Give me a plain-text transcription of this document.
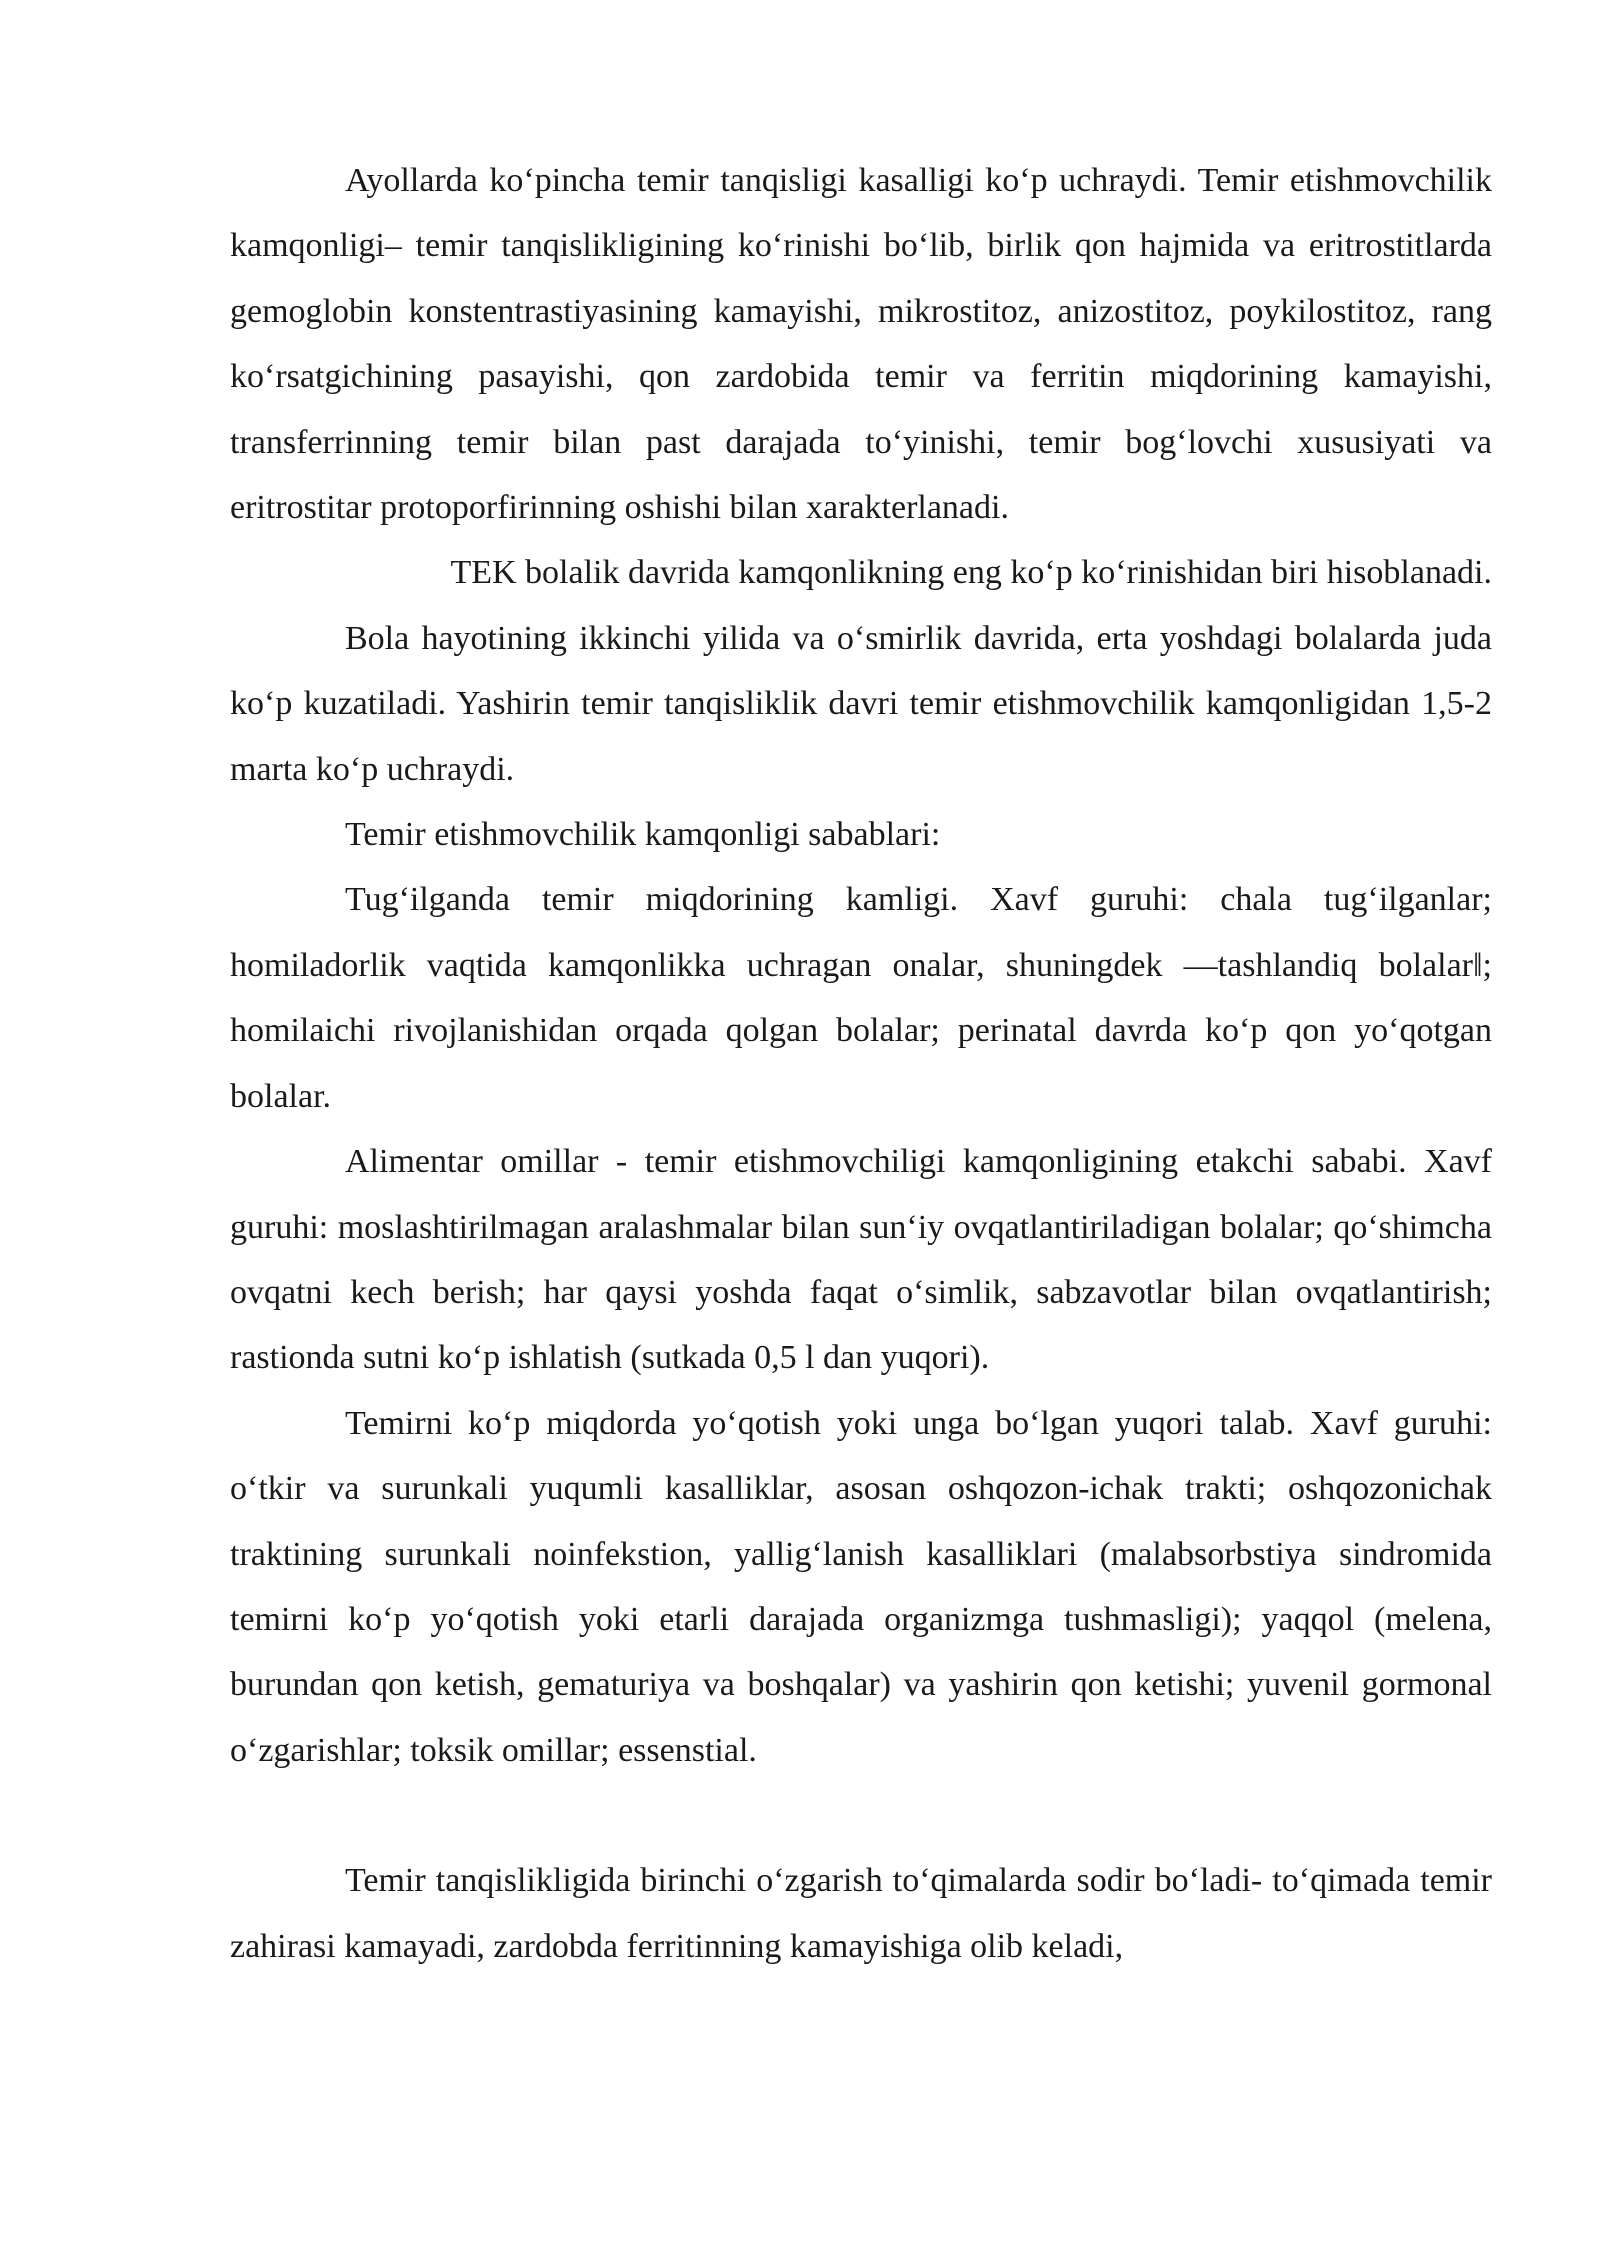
Ayollarda ko‘pincha temir tanqisligi kasalligi ko‘p uchraydi. Temir etishmovchilik kamqonligi– temir tanqislikligining ko‘rinishi bo‘lib, birlik qon hajmida va eritrostitlarda gemoglobin konstentrastiyasining kamayishi, mikrostitoz, anizostitoz, poykilostitoz, rang ko‘rsatgichining pasayishi, qon zardobida temir va ferritin miqdorining kamayishi, transferrinning temir bilan past darajada to‘yinishi, temir bog‘lovchi xususiyati va eritrostitar protoporfirinning oshishi bilan xarakterlanadi.

TEK bolalik davrida kamqonlikning eng ko‘p ko‘rinishidan biri hisoblanadi.

Bola hayotining ikkinchi yilida va o‘smirlik davrida, erta yoshdagi bolalarda juda ko‘p kuzatiladi. Yashirin temir tanqisliklik davri temir etishmovchilik kamqonligidan 1,5-2 marta ko‘p uchraydi.

Temir etishmovchilik kamqonligi sabablari:

Tug‘ilganda temir miqdorining kamligi. Xavf guruhi: chala tug‘ilganlar; homiladorlik vaqtida kamqonlikka uchragan onalar, shuningdek ―tashlandiq bolalar‖; homilaichi rivojlanishidan orqada qolgan bolalar; perinatal davrda ko‘p qon yo‘qotgan bolalar.

Alimentar omillar - temir etishmovchiligi kamqonligining etakchi sababi. Xavf guruhi: moslashtirilmagan aralashmalar bilan sun‘iy ovqatlantiriladigan bolalar; qo‘shimcha ovqatni kech berish; har qaysi yoshda faqat o‘simlik, sabzavotlar bilan ovqatlantirish; rastionda sutni ko‘p ishlatish (sutkada 0,5 l dan yuqori).

Temirni ko‘p miqdorda yo‘qotish yoki unga bo‘lgan yuqori talab. Xavf guruhi: o‘tkir va surunkali yuqumli kasalliklar, asosan oshqozon-ichak trakti; oshqozonichak traktining surunkali noinfekstion, yallig‘lanish kasalliklari (malabsorbstiya sindromida temirni ko‘p yo‘qotish yoki etarli darajada organizmga tushmasligi); yaqqol (melena, burundan qon ketish, gematuriya va boshqalar) va yashirin qon ketishi; yuvenil gormonal o‘zgarishlar; toksik omillar; essenstial.

Temir tanqislikligida birinchi o‘zgarish to‘qimalarda sodir bo‘ladi- to‘qimada temir zahirasi kamayadi, zardobda ferritinning kamayishiga olib keladi,
